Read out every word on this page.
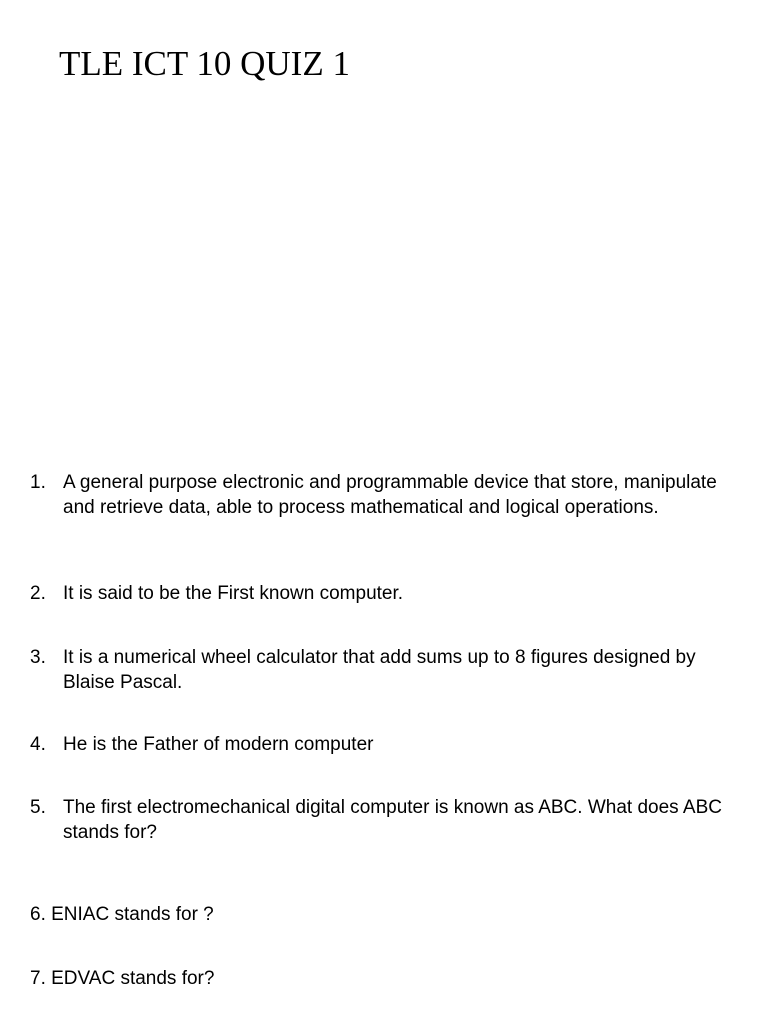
TLE ICT 10 QUIZ 1
1. A general purpose electronic and programmable device that store, manipulate and retrieve data, able to process mathematical and logical operations.
2. It is said to be the First known computer.
3. It is a numerical wheel calculator that add sums up to 8 figures designed by Blaise Pascal.
4. He is the Father of modern computer
5. The first electromechanical digital computer is known as ABC. What does ABC stands for?
6. ENIAC stands for ?
7. EDVAC stands for?
